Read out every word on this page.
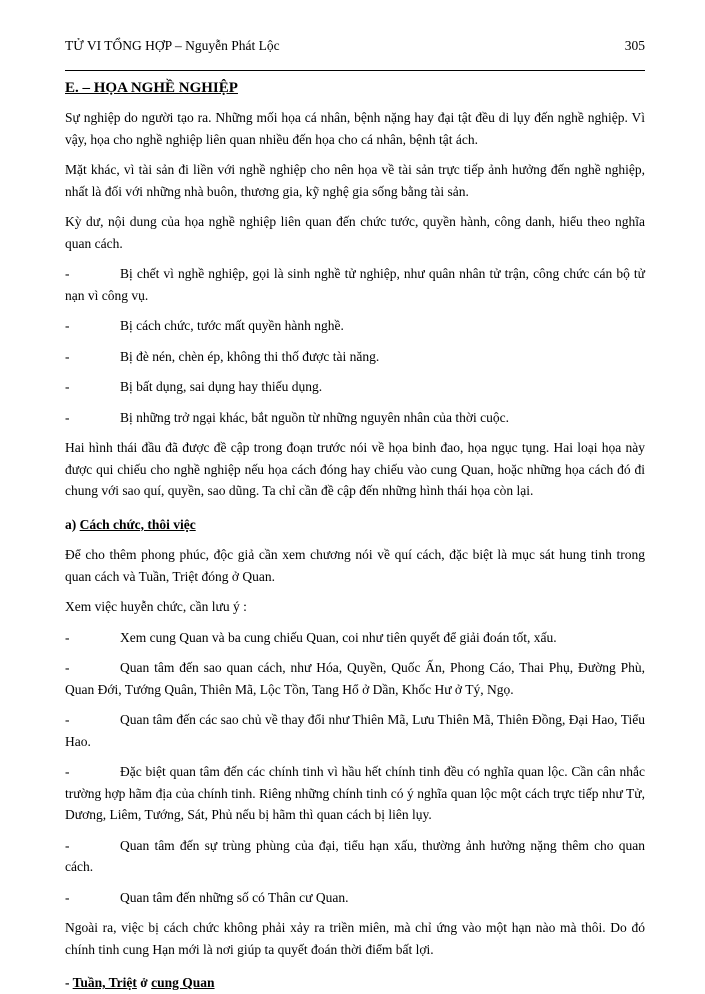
TỬ VI TỔNG HỢP – Nguyễn Phát Lộc	305
E. – HỌA NGHỀ NGHIỆP

Sự nghiệp do người tạo ra. Những mối họa cá nhân, bệnh nặng hay đại tật đều di lụy đến nghề nghiệp. Vì vậy, họa cho nghề nghiệp liên quan nhiều đến họa cho cá nhân, bệnh tật ách.

Mặt khác, vì tài sản đi liền với nghề nghiệp cho nên họa về tài sản trực tiếp ảnh hưởng đến nghề nghiệp, nhất là đối với những nhà buôn, thương gia, kỹ nghệ gia sống bằng tài sản.

Kỳ dư, nội dung của họa nghề nghiệp liên quan đến chức tước, quyền hành, công danh, hiểu theo nghĩa quan cách.

-	Bị chết vì nghề nghiệp, gọi là sinh nghề tử nghiệp, như quân nhân tử trận, công chức cán bộ tử nạn vì công vụ.

-	Bị cách chức, tước mất quyền hành nghề.

-	Bị đè nén, chèn ép, không thi thố được tài năng.

-	Bị bất dụng, sai dụng hay thiếu dụng.

-	Bị những trở ngại khác, bắt nguồn từ những nguyên nhân của thời cuộc.

Hai hình thái đầu đã được đề cập trong đoạn trước nói về họa binh đao, họa ngục tụng. Hai loại họa này được qui chiếu cho nghề nghiệp nếu họa cách đóng hay chiếu vào cung Quan, hoặc những họa cách đó đi chung với sao quí, quyền, sao dũng. Ta chỉ cần đề cập đến những hình thái họa còn lại.

a) Cách chức, thôi việc

Để cho thêm phong phúc, độc giả cần xem chương nói về quí cách, đặc biệt là mục sát hung tinh trong quan cách và Tuần, Triệt đóng ở Quan.

Xem việc huyễn chức, cần lưu ý :

-	Xem cung Quan và ba cung chiếu Quan, coi như tiên quyết để giải đoán tốt, xấu.

-	Quan tâm đến sao quan cách, như Hóa, Quyền, Quốc Ấn, Phong Cáo, Thai Phụ, Đường Phù, Quan Đới, Tướng Quân, Thiên Mã, Lộc Tồn, Tang Hổ ở Dần, Khốc Hư ở Tý, Ngọ.

-	Quan tâm đến các sao chủ về thay đổi như Thiên Mã, Lưu Thiên Mã, Thiên Đồng, Đại Hao, Tiểu Hao.

-	Đặc biệt quan tâm đến các chính tinh vì hầu hết chính tinh đều có nghĩa quan lộc. Cần cân nhắc trường hợp hãm địa của chính tinh. Riêng những chính tinh có ý nghĩa quan lộc một cách trực tiếp như Tử, Dương, Liêm, Tướng, Sát, Phủ nếu bị hãm thì quan cách bị liên lụy.

-	Quan tâm đến sự trùng phùng của đại, tiểu hạn xấu, thường ảnh hưởng nặng thêm cho quan cách.

-	Quan tâm đến những số có Thân cư Quan.

Ngoài ra, việc bị cách chức không phải xảy ra triền miên, mà chỉ ứng vào một hạn nào mà thôi. Do đó chính tinh cung Hạn mới là nơi giúp ta quyết đoán thời điểm bất lợi.

- Tuần, Triệt ở cung Quan
